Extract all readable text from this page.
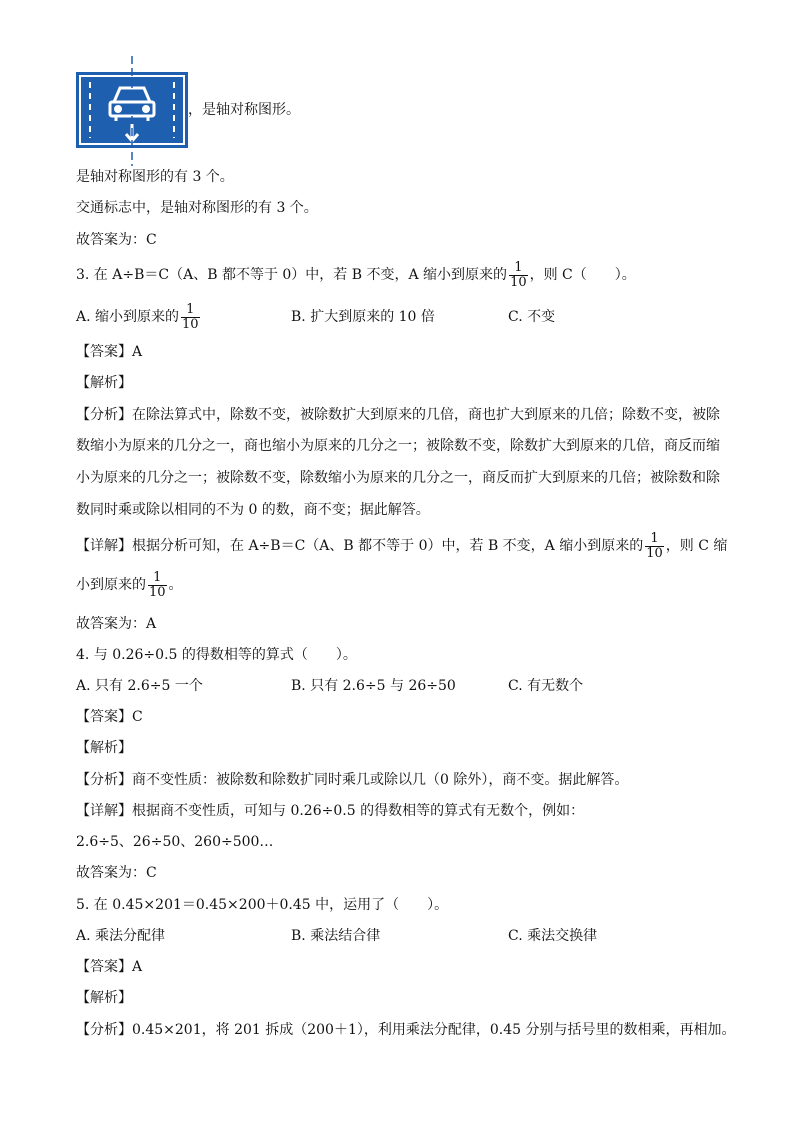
，是轴对称图形。
是轴对称图形的有 3 个。
交通标志中，是轴对称图形的有 3 个。
故答案为：C
3. 在 A÷B＝C（A、B 都不等于 0）中，若 B 不变，A 缩小到原来的 $\frac{1}{10}$ ，则 C（　　）。
A. 缩小到原来的 $\frac{1}{10}$	B. 扩大到原来的 10 倍	C. 不变
【答案】A
【解析】
【分析】在除法算式中，除数不变，被除数扩大到原来的几倍，商也扩大到原来的几倍；除数不变，被除
数缩小为原来的几分之一，商也缩小为原来的几分之一；被除数不变，除数扩大到原来的几倍，商反而缩
小为原来的几分之一；被除数不变，除数缩小为原来的几分之一，商反而扩大到原来的几倍；被除数和除
数同时乘或除以相同的不为 0 的数，商不变；据此解答。
【详解】根据分析可知，在 A÷B＝C（A、B 都不等于 0）中，若 B 不变，A 缩小到原来的 $\frac{1}{10}$ ，则 C 缩
小到原来的 $\frac{1}{10}$ 。
故答案为：A
4. 与 0.26÷0.5 的得数相等的算式（　　）。
A. 只有 2.6÷5 一个	B. 只有 2.6÷5 与 26÷50	C. 有无数个
【答案】C
【解析】
【分析】商不变性质：被除数和除数扩同时乘几或除以几（0 除外），商不变。据此解答。
【详解】根据商不变性质，可知与 0.26÷0.5 的得数相等的算式有无数个，例如：
2.6÷5、26÷50、260÷500…
故答案为：C
5. 在 0.45×201＝0.45×200＋0.45 中，运用了（　　）。
A. 乘法分配律	B. 乘法结合律	C. 乘法交换律
【答案】A
【解析】
【分析】0.45×201，将 201 拆成（200＋1），利用乘法分配律，0.45 分别与括号里的数相乘，再相加。
